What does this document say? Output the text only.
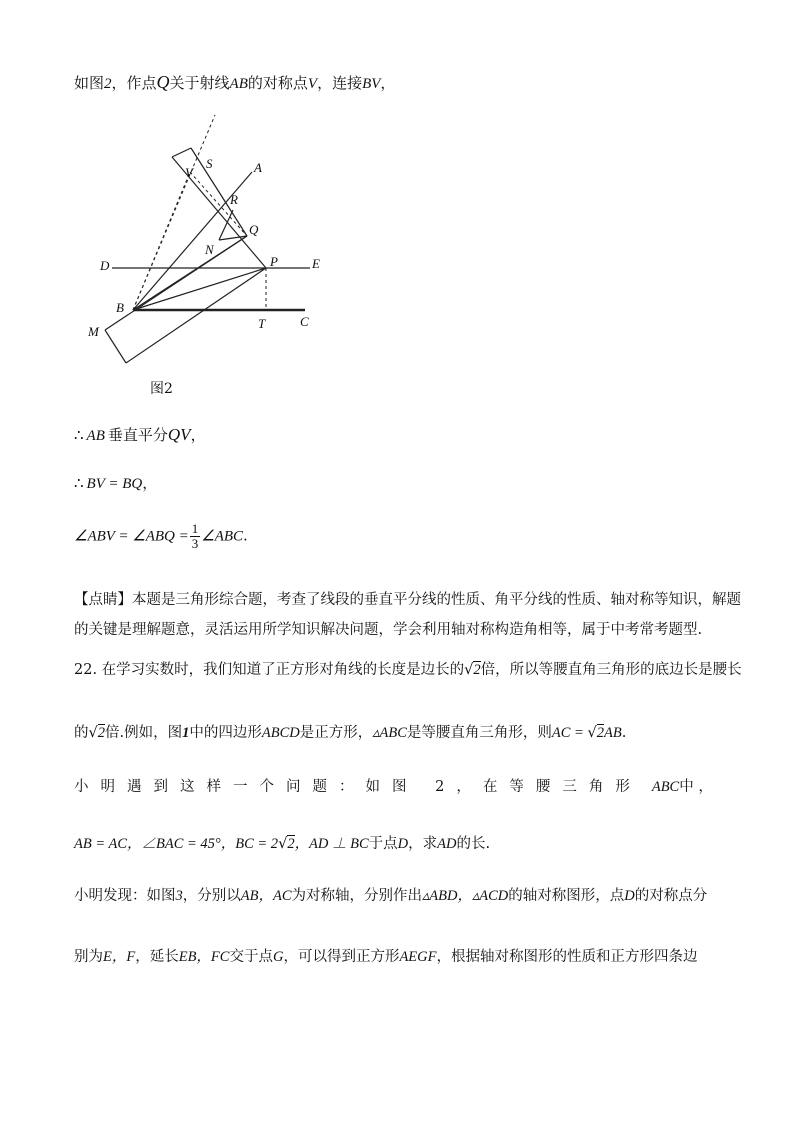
如图2，作点Q关于射线AB的对称点V，连接BV，
S	A
V
R
Q
N
D	P	E
B
T	C
M
图2
∴ AB 垂直平分QV，
∴ BV = BQ，
∠ABV = ∠ABQ = $\frac{1}{3}$ ∠ABC.
【点睛】本题是三角形综合题，考查了线段的垂直平分线的性质、角平分线的性质、轴对称等知识，解题
的关键是理解题意，灵活运用所学知识解决问题，学会利用轴对称构造角相等，属于中考常考题型.
22. 在学习实数时，我们知道了正方形对角线的长度是边长的√2倍，所以等腰直角三角形的底边长是腰长
的√2倍.例如，图1中的四边形ABCD是正方形，▵ABC是等腰直角三角形，则AC = √2AB.
小明遇到这样一个问题：如图 2，在等腰三角形 ABC中 ，
AB = AC，∠BAC = 45°，BC = 2√2，AD ⊥ BC于点D，求AD的长.
小明发现：如图3，分别以AB，AC为对称轴，分别作出▵ABD，▵ACD的轴对称图形，点D的对称点分
别为E，F，延长EB，FC交于点G，可以得到正方形AEGF，根据轴对称图形的性质和正方形四条边
